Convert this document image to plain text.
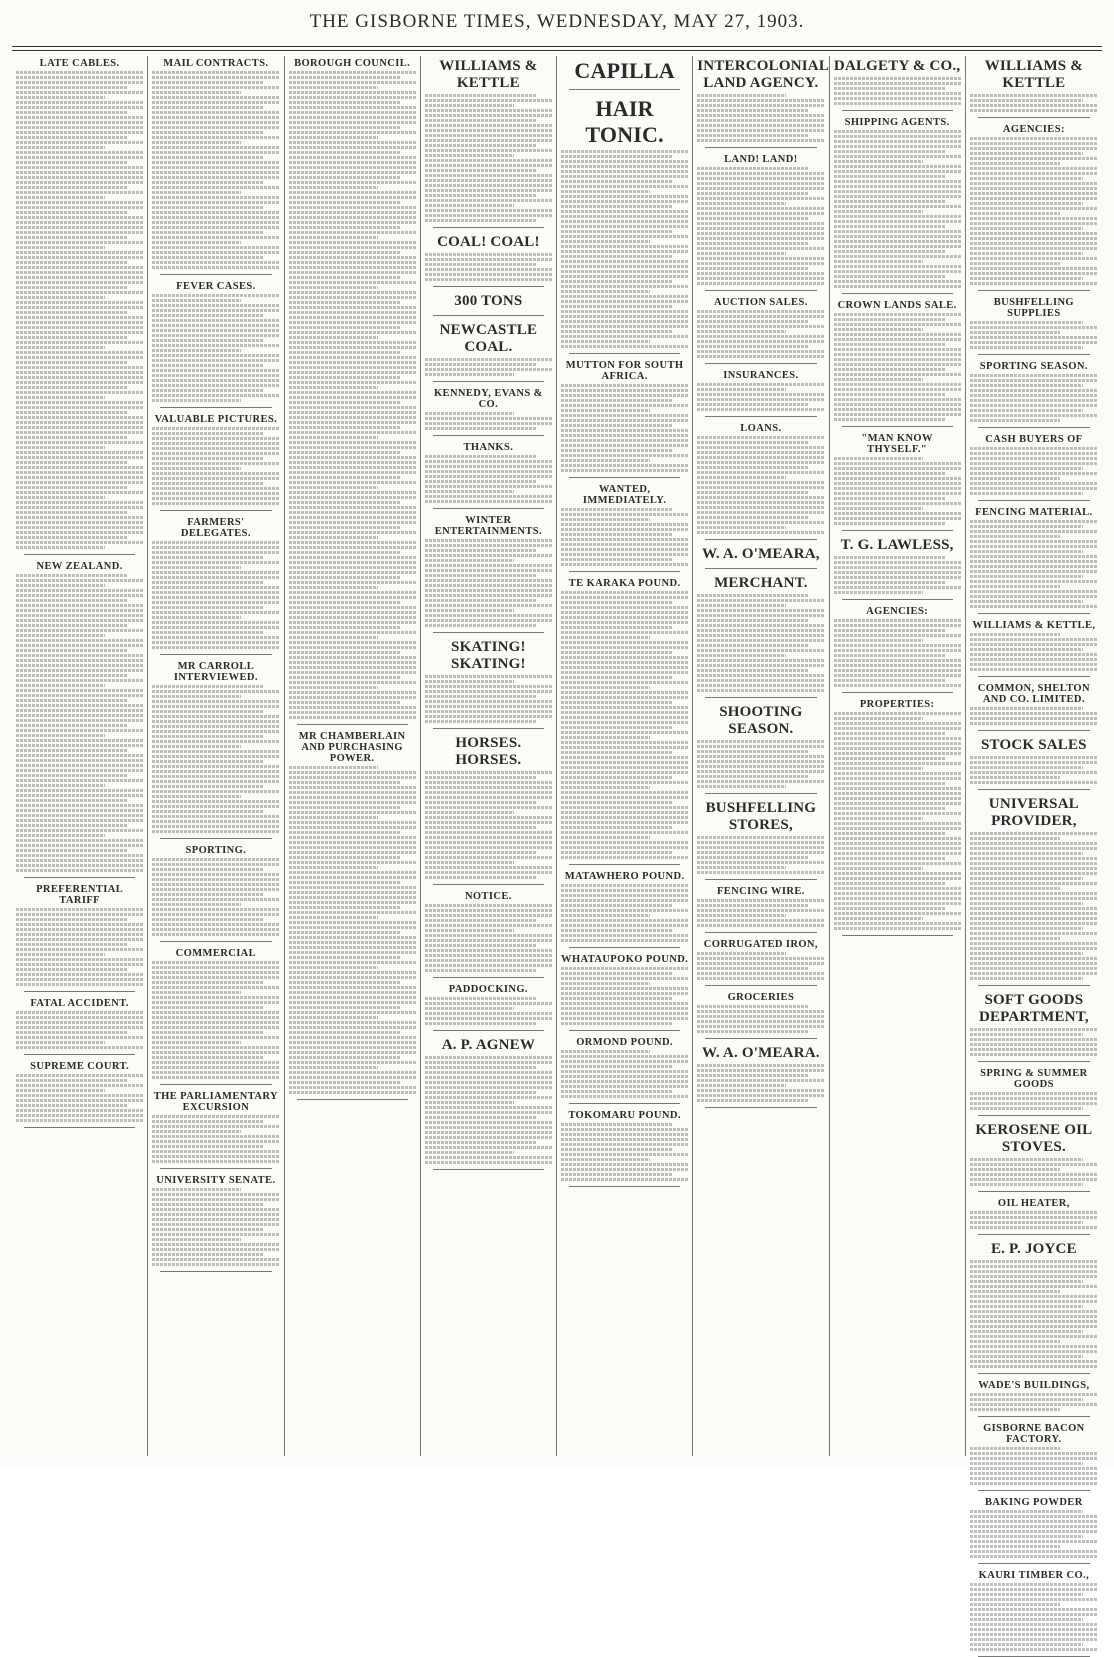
THE GISBORNE TIMES, WEDNESDAY, MAY 27, 1903.
LATE CABLES.
NEW ZEALAND.
PREFERENTIAL TARIFF
FATAL ACCIDENT.
SUPREME COURT.
MAIL CONTRACTS.
FEVER CASES.
VALUABLE PICTURES.
FARMERS' DELEGATES.
MR CARROLL INTERVIEWED.
SPORTING.
COMMERCIAL
THE PARLIAMENTARY EXCURSION
UNIVERSITY SENATE.
BOROUGH COUNCIL.
MR CHAMBERLAIN AND PURCHASING POWER.
WILLIAMS & KETTLE
COAL! COAL!
300 TONS
NEWCASTLE COAL.
KENNEDY, EVANS & CO.
THANKS.
WINTER ENTERTAINMENTS.
SKATING! SKATING!
HORSES. HORSES.
NOTICE.
PADDOCKING.
A. P. AGNEW
CAPILLA
HAIR TONIC.
MUTTON FOR SOUTH AFRICA.
WANTED, IMMEDIATELY.
TE KARAKA POUND.
MATAWHERO POUND.
WHATAUPOKO POUND.
ORMOND POUND.
TOKOMARU POUND.
INTERCOLONIAL LAND AGENCY.
LAND! LAND!
AUCTION SALES.
INSURANCES.
LOANS.
W. A. O'MEARA,
MERCHANT.
SHOOTING SEASON.
BUSHFELLING STORES,
FENCING WIRE.
CORRUGATED IRON,
GROCERIES
W. A. O'MEARA.
DALGETY & CO.,
SHIPPING AGENTS.
CROWN LANDS SALE.
"MAN KNOW THYSELF."
T. G. LAWLESS,
AGENCIES:
PROPERTIES:
WILLIAMS & KETTLE
AGENCIES:
BUSHFELLING SUPPLIES
SPORTING SEASON.
CASH BUYERS OF
FENCING MATERIAL.
WILLIAMS & KETTLE,
COMMON, SHELTON AND CO. LIMITED.
STOCK SALES
UNIVERSAL PROVIDER,
SOFT GOODS DEPARTMENT,
SPRING & SUMMER GOODS
KEROSENE OIL STOVES.
OIL HEATER,
E. P. JOYCE
WADE'S BUILDINGS,
GISBORNE BACON FACTORY.
BAKING POWDER
KAURI TIMBER CO.,
